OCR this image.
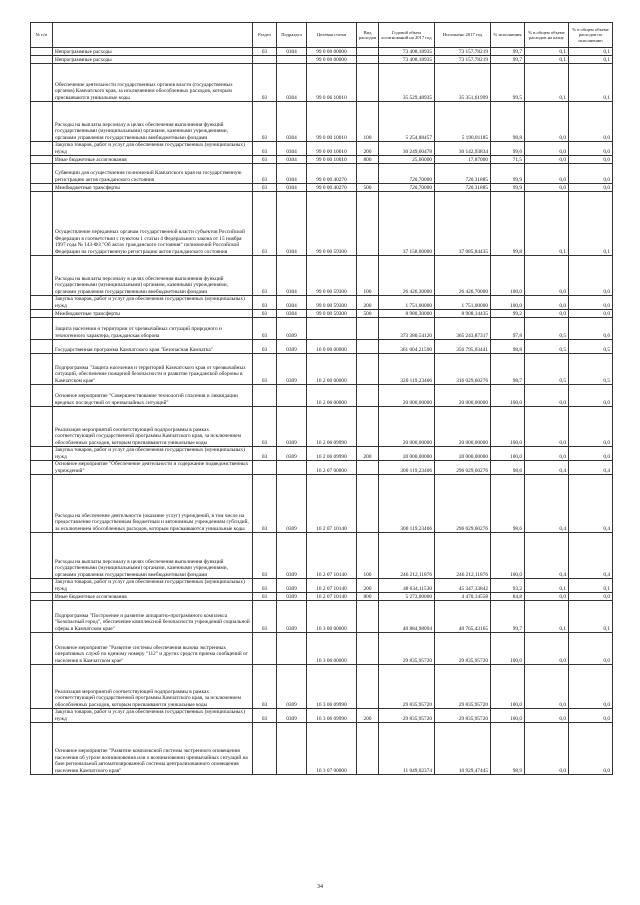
№ п/п		Раздел	Подраздел	Целевая статья	Вид расходов	Годовой объем ассигнований на 2017 год	Исполнено 2017 год	% исполнения	% в общем объеме расходов на казну	% в общем объеме расходов по исполнению
	Непрограммные расходы	03	0304	99 0 00 00000		73 408,18935	73 157,78219	99,7	0,1	0,1
	Непрограммные расходы			99 0 00 00000		73 408,18935	73 157,78219	99,7	0,1	0,1
	Обеспечение деятельности государственных органов власти (государственных органов) Камчатского края, за исключением обособленных расходов, которым присваиваются уникальные коды	03	0304	99 0 06 10010		35 529,48935	35 351,61999	99,5	0,1	0,1
	Расходы на выплаты персоналу в целях обеспечения выполнения функций государственными (муниципальными) органами, казенными учреждениями, органами управления государственными внебюджетными фондами	03	0304	99 0 00 10010	100	5 254,88457	5 190,81185	98,8	0,0	0,0
	Закупка товаров, работ и услуг для обеспечения государственных (муниципальных) нужд	03	0304	99 0 00 10010	200	30 249,60478	30 142,93834	99,6	0,0	0,0
	Иные бюджетные ассигнования	03	0304	99 0 00 10010	800	25,00000	17,87000	71,5	0,0	0,0
	Субвенции для осуществления полномочий Камчатского края на государственную регистрацию актов гражданского состояния	03	0304	99 0 00 40270		720,70000	720,31885	99,9	0,0	0,0
	Межбюджетные трансферты	03	0304	99 0 00 40270	500	720,70000	720,31885	99,9	0,0	0,0
	Осуществление переданных органам государственной власти субъектов Российской Федерации в соответствии с пунктом 1 статьи 4 Федерального закона от 15 ноября 1997 года № 143-ФЗ "Об актах гражданского состояния" полномочий Российской Федерации на государственную регистрацию актов гражданского состояния	03	0304	99 0 00 59300		37 158,00000	37 085,84435	99,8	0,1	0,1
	Расходы на выплаты персоналу в целях обеспечения выполнения функций государственными (муниципальными) органами, казенными учреждениями, органами управления государственными внебюджетными фондами	03	0304	99 0 00 59300	100	26 426,30000	26 426,70000	100,0	0,0	0,0
	Закупка товаров, работ и услуг для обеспечения государственных (муниципальных) нужд	03	0304	99 0 00 59300	200	1 751,00000	1 751,00000	100,0	0,0	0,0
	Межбюджетные трансферты	03	0304	99 0 00 59300	500	8 980,30000	8 908,14435	99,2	0,0	0,0
	Защита населения и территории от чрезвычайных ситуаций природного и техногенного характера, гражданская оборона	03	0309			373 380,54120	365 243,87317	97,8	0,5	0,6
	Государственная программа Камчатского края "Безопасная Камчатка"	03	0309	16 0 00 00000		361 004,21590	356 795,03441	98,8	0,5	0,5
	Подпрограмма "Защита населения и территорий Камчатского края от чрезвычайных ситуаций, обеспечение пожарной безопасности и развитие гражданской обороны в Камчатском крае"	03	0309	16 2 00 00000		320 119,23406	316 029,60276	98,7	0,5	0,5
	Основное мероприятие "Совершенствование технологий спасения и ликвидации вредных последствий от чрезвычайных ситуаций"			16 2 06 00000		20 000,00000	20 000,00000	100,0	0,0	0,0
	Реализация мероприятий соответствующей подпрограммы в рамках соответствующей государственной программы Камчатского края, за исключением обособленных расходов, которым присваиваются уникальные коды	03	0309	16 2 06 09990		20 000,00000	20 000,00000	100,0	0,0	0,0
	Закупка товаров, работ и услуг для обеспечения государственных (муниципальных) нужд	03	0309	16 2 06 09990	200	20 000,00000	20 000,00000	100,0	0,0	0,0
	Основное мероприятие "Обеспечение деятельности и содержание подведомственных учреждений"			16 2 07 00000		300 119,23406	296 029,60276	98,6	0,4	0,4
	Расходы на обеспечение деятельности (оказание услуг) учреждений, в том числе на предоставление государственным бюджетным и автономным учреждениям субсидий, за исключением обособленных расходов, которым присваиваются уникальные коды	03	0309	16 2 07 10140		300 119,23406	296 029,60276	98,6	0,4	0,4
	Расходы на выплаты персоналу в целях обеспечения выполнения функций государственными (муниципальными) органами, казенными учреждениями, органами управления государственными внебюджетными фондами	03	0309	16 2 07 10140	100	246 212,11876	246 212,11876	100,0	0,4	0,4
	Закупка товаров, работ и услуг для обеспечения государственных (муниципальных) нужд	03	0309	16 2 07 10140	200	48 634,11530	45 347,33842	93,2	0,1	0,1
	Иные бюджетные ассигнования	03	0309	16 2 07 10140	800	5 273,00000	4 470,14558	84,8	0,0	0,0
	Подпрограмма "Построение и развитие аппаратно-программного комплекса "Безопасный город", обеспечение комплексной безопасности учреждений социальной сферы в Камчатском крае"	03	0309	16 3 00 00000		40 884,98094	40 765,43165	99,7	0,1	0,1
	Основное мероприятие "Развитие системы обеспечения вызова экстренных оперативных служб по единому номеру "112" и других средств приема сообщений от населения в Камчатском крае"			16 3 06 00000		29 835,95720	29 835,95720	100,0	0,0	0,0
	Реализация мероприятий соответствующей подпрограммы в рамках соответствующей государственной программы Камчатского края, за исключением обособленных расходов, которым присваиваются уникальные коды	03	0309	16 3 06 09990		29 835,95720	29 835,95720	100,0	0,0	0,0
	Закупка товаров, работ и услуг для обеспечения государственных (муниципальных) нужд	03	0309	16 3 06 09990	200	29 835,95720	29 835,95720	100,0	0,0	0,0
	Основное мероприятие "Развитие комплексной системы экстренного оповещения населения об угрозе возникновения или о возникновении чрезвычайных ситуаций на базе региональной автоматизированной системы централизованного оповещения населения Камчатского края"			16 3 07 00000		11 049,02374	10 929,47445	98,9	0,0	0,0
34
